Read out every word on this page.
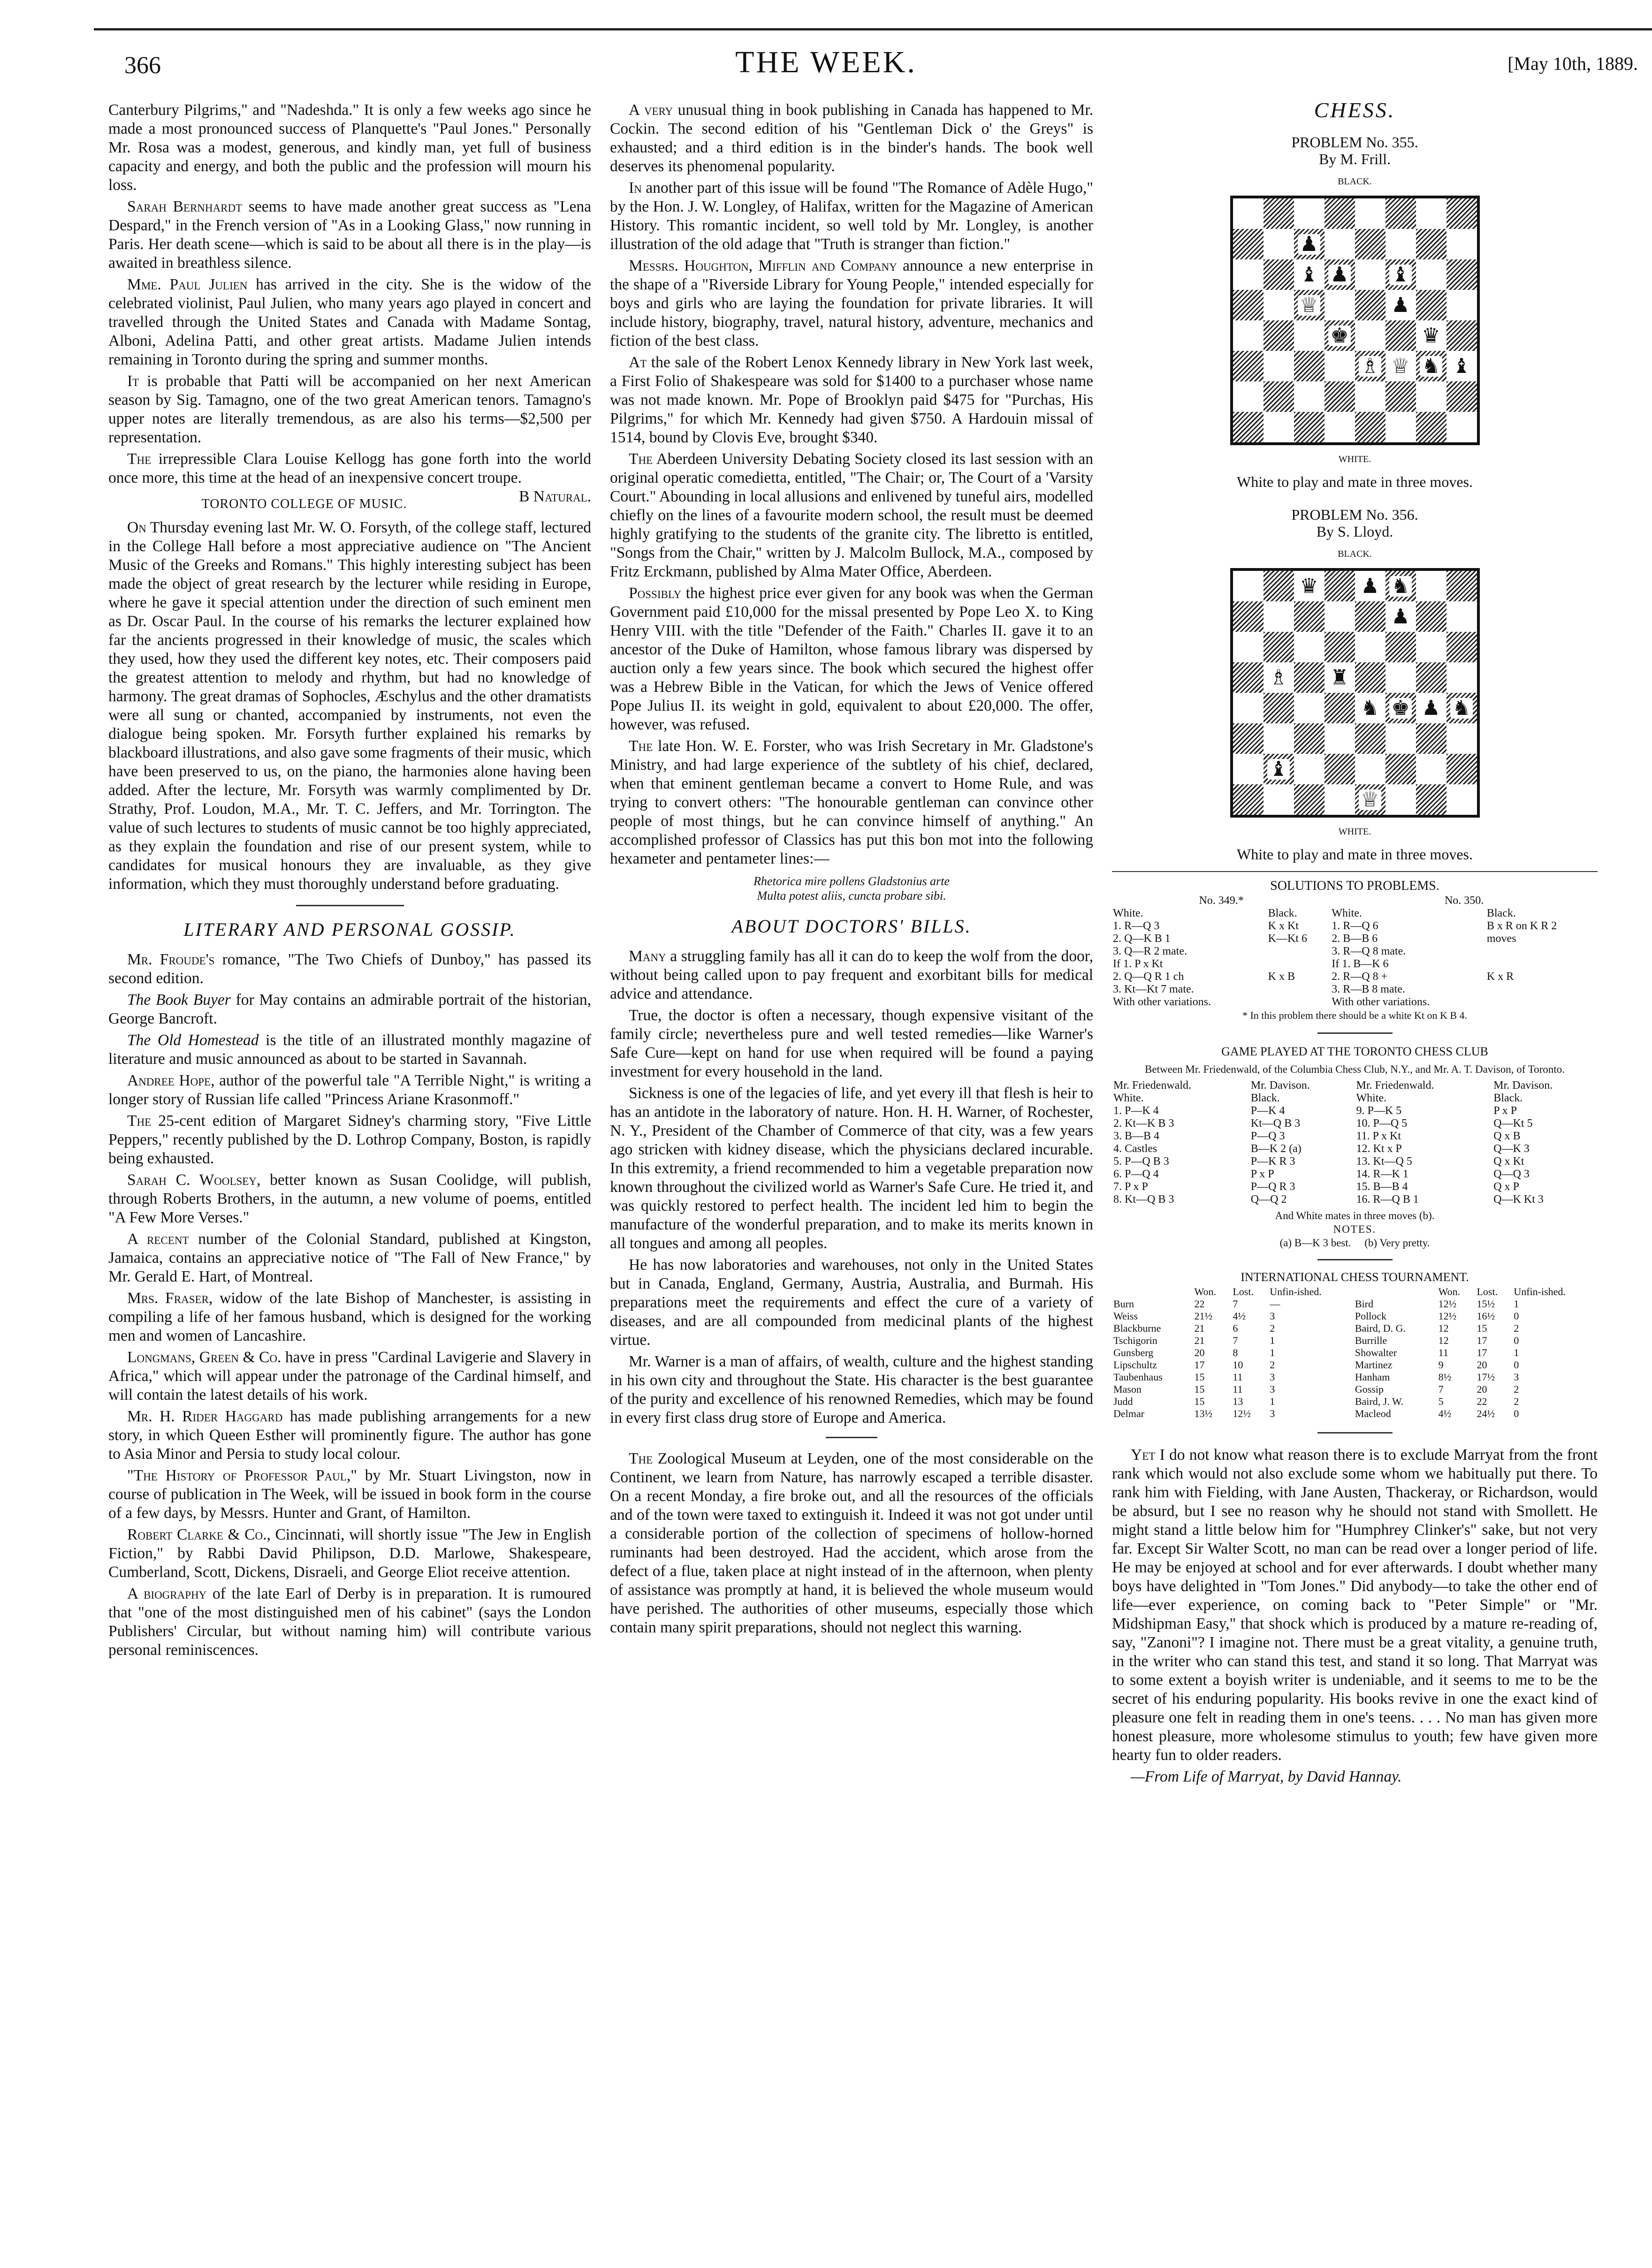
366	THE WEEK.	[May 10th, 1889.

Canterbury Pilgrims," and "Nadeshda." It is only a few weeks ago since he made a most pronounced success of Planquette's "Paul Jones." Personally Mr. Rosa was a modest, generous, and kindly man, yet full of business capacity and energy, and both the public and the profession will mourn his loss.

Sarah Bernhardt seems to have made another great success as "Lena Despard," in the French version of "As in a Looking Glass," now running in Paris. Her death scene—which is said to be about all there is in the play—is awaited in breathless silence.

Mme. Paul Julien has arrived in the city. She is the widow of the celebrated violinist, Paul Julien, who many years ago played in concert and travelled through the United States and Canada with Madame Sontag, Alboni, Adelina Patti, and other great artists. Madame Julien intends remaining in Toronto during the spring and summer months.

It is probable that Patti will be accompanied on her next American season by Sig. Tamagno, one of the two great American tenors. Tamagno's upper notes are literally tremendous, as are also his terms—$2,500 per representation.

The irrepressible Clara Louise Kellogg has gone forth into the world once more, this time at the head of an inexpensive concert troupe.
B Natural.

TORONTO COLLEGE OF MUSIC.

On Thursday evening last Mr. W. O. Forsyth, of the college staff, lectured in the College Hall before a most appreciative audience on "The Ancient Music of the Greeks and Romans." This highly interesting subject has been made the object of great research by the lecturer while residing in Europe, where he gave it special attention under the direction of such eminent men as Dr. Oscar Paul. In the course of his remarks the lecturer explained how far the ancients progressed in their knowledge of music, the scales which they used, how they used the different key notes, etc. Their composers paid the greatest attention to melody and rhythm, but had no knowledge of harmony. The great dramas of Sophocles, Æschylus and the other dramatists were all sung or chanted, accompanied by instruments, not even the dialogue being spoken. Mr. Forsyth further explained his remarks by blackboard illustrations, and also gave some fragments of their music, which have been preserved to us, on the piano, the harmonies alone having been added. After the lecture, Mr. Forsyth was warmly complimented by Dr. Strathy, Prof. Loudon, M.A., Mr. T. C. Jeffers, and Mr. Torrington. The value of such lectures to students of music cannot be too highly appreciated, as they explain the foundation and rise of our present system, while to candidates for musical honours they are invaluable, as they give information, which they must thoroughly understand before graduating.

LITERARY AND PERSONAL GOSSIP.

Mr. Froude's romance, "The Two Chiefs of Dunboy," has passed its second edition.

The Book Buyer for May contains an admirable portrait of the historian, George Bancroft.

The Old Homestead is the title of an illustrated monthly magazine of literature and music announced as about to be started in Savannah.

Andree Hope, author of the powerful tale "A Terrible Night," is writing a longer story of Russian life called "Princess Ariane Krasonmoff."

The 25-cent edition of Margaret Sidney's charming story, "Five Little Peppers," recently published by the D. Lothrop Company, Boston, is rapidly being exhausted.

Sarah C. Woolsey, better known as Susan Coolidge, will publish, through Roberts Brothers, in the autumn, a new volume of poems, entitled "A Few More Verses."

A recent number of the Colonial Standard, published at Kingston, Jamaica, contains an appreciative notice of "The Fall of New France," by Mr. Gerald E. Hart, of Montreal.

Mrs. Fraser, widow of the late Bishop of Manchester, is assisting in compiling a life of her famous husband, which is designed for the working men and women of Lancashire.

Longmans, Green & Co. have in press "Cardinal Lavigerie and Slavery in Africa," which will appear under the patronage of the Cardinal himself, and will contain the latest details of his work.

Mr. H. Rider Haggard has made publishing arrangements for a new story, in which Queen Esther will prominently figure. The author has gone to Asia Minor and Persia to study local colour.

"The History of Professor Paul," by Mr. Stuart Livingston, now in course of publication in The Week, will be issued in book form in the course of a few days, by Messrs. Hunter and Grant, of Hamilton.

Robert Clarke & Co., Cincinnati, will shortly issue "The Jew in English Fiction," by Rabbi David Philipson, D.D. Marlowe, Shakespeare, Cumberland, Scott, Dickens, Disraeli, and George Eliot receive attention.

A biography of the late Earl of Derby is in preparation. It is rumoured that "one of the most distinguished men of his cabinet" (says the London Publishers' Circular, but without naming him) will contribute various personal reminiscences.

A very unusual thing in book publishing in Canada has happened to Mr. Cockin. The second edition of his "Gentleman Dick o' the Greys" is exhausted; and a third edition is in the binder's hands. The book well deserves its phenomenal popularity.

In another part of this issue will be found "The Romance of Adèle Hugo," by the Hon. J. W. Longley, of Halifax, written for the Magazine of American History. This romantic incident, so well told by Mr. Longley, is another illustration of the old adage that "Truth is stranger than fiction."

Messrs. Houghton, Mifflin and Company announce a new enterprise in the shape of a "Riverside Library for Young People," intended especially for boys and girls who are laying the foundation for private libraries. It will include history, biography, travel, natural history, adventure, mechanics and fiction of the best class.

At the sale of the Robert Lenox Kennedy library in New York last week, a First Folio of Shakespeare was sold for $1400 to a purchaser whose name was not made known. Mr. Pope of Brooklyn paid $475 for "Purchas, His Pilgrims," for which Mr. Kennedy had given $750. A Hardouin missal of 1514, bound by Clovis Eve, brought $340.

The Aberdeen University Debating Society closed its last session with an original operatic comedietta, entitled, "The Chair; or, The Court of a 'Varsity Court." Abounding in local allusions and enlivened by tuneful airs, modelled chiefly on the lines of a favourite modern school, the result must be deemed highly gratifying to the students of the granite city. The libretto is entitled, "Songs from the Chair," written by J. Malcolm Bullock, M.A., composed by Fritz Erckmann, published by Alma Mater Office, Aberdeen.

Possibly the highest price ever given for any book was when the German Government paid £10,000 for the missal presented by Pope Leo X. to King Henry VIII. with the title "Defender of the Faith." Charles II. gave it to an ancestor of the Duke of Hamilton, whose famous library was dispersed by auction only a few years since. The book which secured the highest offer was a Hebrew Bible in the Vatican, for which the Jews of Venice offered Pope Julius II. its weight in gold, equivalent to about £20,000. The offer, however, was refused.

The late Hon. W. E. Forster, who was Irish Secretary in Mr. Gladstone's Ministry, and had large experience of the subtlety of his chief, declared, when that eminent gentleman became a convert to Home Rule, and was trying to convert others: "The honourable gentleman can convince other people of most things, but he can convince himself of anything." An accomplished professor of Classics has put this bon mot into the following hexameter and pentameter lines:—

Rhetorica mire pollens Gladstonius arte
Multa potest aliis, cuncta probare sibi.
ABOUT DOCTORS' BILLS.

Many a struggling family has all it can do to keep the wolf from the door, without being called upon to pay frequent and exorbitant bills for medical advice and attendance.

True, the doctor is often a necessary, though expensive visitant of the family circle; nevertheless pure and well tested remedies—like Warner's Safe Cure—kept on hand for use when required will be found a paying investment for every household in the land.

Sickness is one of the legacies of life, and yet every ill that flesh is heir to has an antidote in the laboratory of nature. Hon. H. H. Warner, of Rochester, N. Y., President of the Chamber of Commerce of that city, was a few years ago stricken with kidney disease, which the physicians declared incurable. In this extremity, a friend recommended to him a vegetable preparation now known throughout the civilized world as Warner's Safe Cure. He tried it, and was quickly restored to perfect health. The incident led him to begin the manufacture of the wonderful preparation, and to make its merits known in all tongues and among all peoples.

He has now laboratories and warehouses, not only in the United States but in Canada, England, Germany, Austria, Australia, and Burmah. His preparations meet the requirements and effect the cure of a variety of diseases, and are all compounded from medicinal plants of the highest virtue.

Mr. Warner is a man of affairs, of wealth, culture and the highest standing in his own city and throughout the State. His character is the best guarantee of the purity and excellence of his renowned Remedies, which may be found in every first class drug store of Europe and America.

The Zoological Museum at Leyden, one of the most considerable on the Continent, we learn from Nature, has narrowly escaped a terrible disaster. On a recent Monday, a fire broke out, and all the resources of the officials and of the town were taxed to extinguish it. Indeed it was not got under until a considerable portion of the collection of specimens of hollow-horned ruminants had been destroyed. Had the accident, which arose from the defect of a flue, taken place at night instead of in the afternoon, when plenty of assistance was promptly at hand, it is believed the whole museum would have perished. The authorities of other museums, especially those which contain many spirit preparations, should not neglect this warning.

CHESS.
PROBLEM No. 355.
By M. Frill.
BLACK.
♟
♝ ♟ ♝
♕	♟
♚	♛
♗ ♕ ♞ ♝
WHITE.
White to play and mate in three moves.
PROBLEM No. 356.
By S. Lloyd.
BLACK.
♛ ♟ ♞
♟
♗ ♜
♞ ♚ ♟ ♞
♝
♕
WHITE.
White to play and mate in three moves.
SOLUTIONS TO PROBLEMS.
No. 349.*		No. 350.	
White.	Black.	White.	Black.
1. R—Q 3	K x Kt	1. R—Q 6	B x R on K R 2
2. Q—K B 1	K—Kt 6	2. B—B 6	moves
3. Q—R 2 mate.		3. R—Q 8 mate.	
If 1. P x Kt		If 1. B—K 6	
2. Q—Q R 1 ch	K x B	2. R—Q 8 +	K x R
3. Kt—Kt 7 mate.		3. R—B 8 mate.	
With other variations.		With other variations.	
* In this problem there should be a white Kt on K B 4.
GAME PLAYED AT THE TORONTO CHESS CLUB
Between Mr. Friedenwald, of the Columbia Chess Club, N.Y., and Mr. A. T. Davison, of Toronto.
Mr. Friedenwald.	Mr. Davison.	Mr. Friedenwald.	Mr. Davison.
White.	Black.	White.	Black.
1. P—K 4	P—K 4	9. P—K 5	P x P
2. Kt—K B 3	Kt—Q B 3	10. P—Q 5	Q—Kt 5
3. B—B 4	P—Q 3	11. P x Kt	Q x B
4. Castles	B—K 2 (a)	12. Kt x P	Q—K 3
5. P—Q B 3	P—K R 3	13. Kt—Q 5	Q x Kt
6. P—Q 4	P x P	14. R—K 1	Q—Q 3
7. P x P	P—Q R 3	15. B—B 4	Q x P
8. Kt—Q B 3	Q—Q 2	16. R—Q B 1	Q—K Kt 3
And White mates in three moves (b).
NOTES.
(a) B—K 3 best.     (b) Very pretty.
INTERNATIONAL CHESS TOURNAMENT.
	Won.	Lost.	Unfin-ished.		Won.	Lost.	Unfin-ished.
Burn	22	7	—	Bird	12½	15½	1
Weiss	21½	4½	3	Pollock	12½	16½	0
Blackburne	21	6	2	Baird, D. G.	12	15	2
Tschigorin	21	7	1	Burrille	12	17	0
Gunsberg	20	8	1	Showalter	11	17	1
Lipschultz	17	10	2	Martinez	9	20	0
Taubenhaus	15	11	3	Hanham	8½	17½	3
Mason	15	11	3	Gossip	7	20	2
Judd	15	13	1	Baird, J. W.	5	22	2
Delmar	13½	12½	3	Macleod	4½	24½	0

Yet I do not know what reason there is to exclude Marryat from the front rank which would not also exclude some whom we habitually put there. To rank him with Fielding, with Jane Austen, Thackeray, or Richardson, would be absurd, but I see no reason why he should not stand with Smollett. He might stand a little below him for "Humphrey Clinker's" sake, but not very far. Except Sir Walter Scott, no man can be read over a longer period of life. He may be enjoyed at school and for ever afterwards. I doubt whether many boys have delighted in "Tom Jones." Did anybody—to take the other end of life—ever experience, on coming back to "Peter Simple" or "Mr. Midshipman Easy," that shock which is produced by a mature re-reading of, say, "Zanoni"? I imagine not. There must be a great vitality, a genuine truth, in the writer who can stand this test, and stand it so long. That Marryat was to some extent a boyish writer is undeniable, and it seems to me to be the secret of his enduring popularity. His books revive in one the exact kind of pleasure one felt in reading them in one's teens. . . . No man has given more honest pleasure, more wholesome stimulus to youth; few have given more hearty fun to older readers.

—From Life of Marryat, by David Hannay.
